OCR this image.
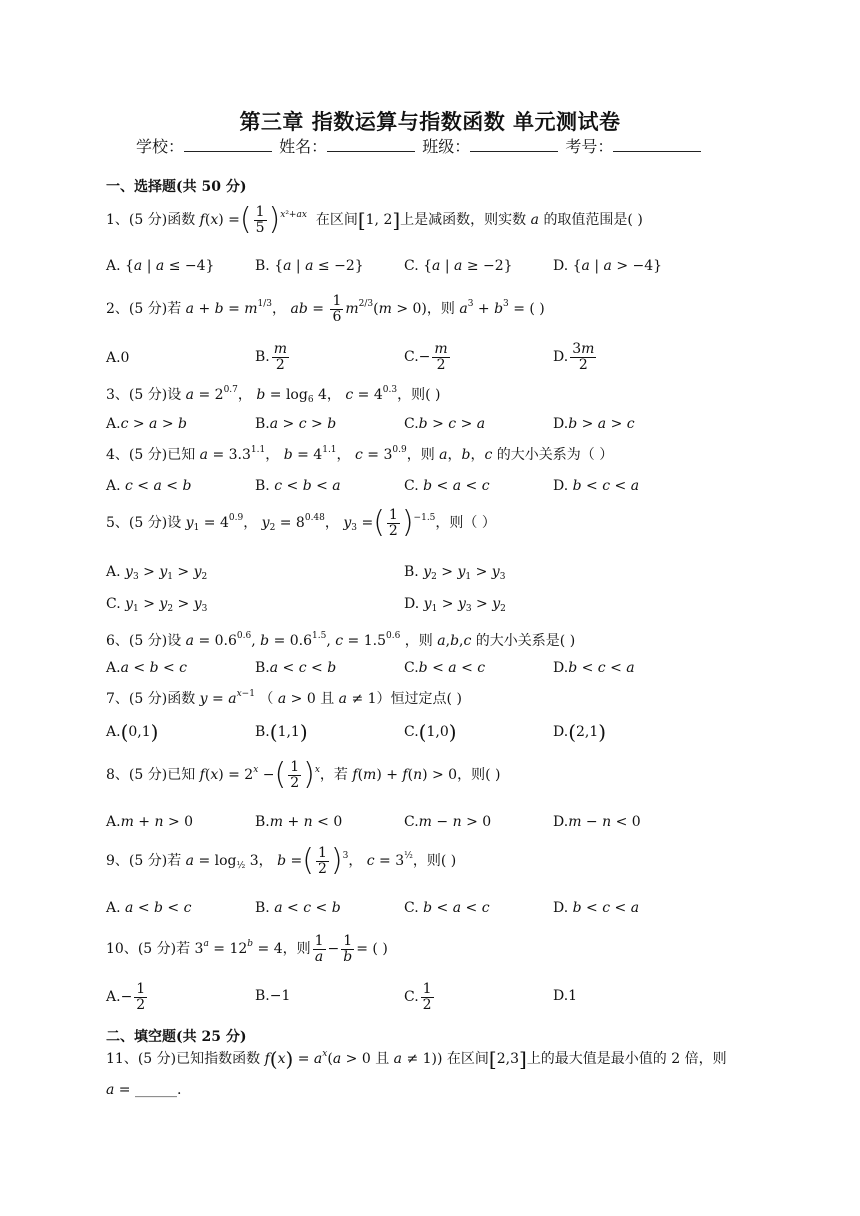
第三章 指数运算与指数函数 单元测试卷
学校：	姓名：	班级：	考号：
一、选择题(共 50 分)
1、(5 分)函数 f(x) =( $\frac{1}{5} )^{x^2+ax}$ 在区间[1, 2]上是减函数，则实数 a 的取值范围是( )
A. {a | a ≤ −4}	B. {a | a ≤ −2}	C. {a | a ≥ −2}	D. {a | a > −4}
2、(5 分)若 $a + b = m^{1/3}$， ab = $\frac{1}{6} m^{2/3}(m > 0)$，则 $a^3 + b^3$ = ( )
A.0	B. $\frac{m}{2}$	$C.- \frac{m}{2}$	D. $\frac{3m}{2}$
3、(5 分)设 $a = 2^{0.7}$， $b = \log_6 4$， $c = 4^{0.3}$，则( )
A.c > a > b	B.a > c > b	C.b > c > a	D.b > a > c
4、(5 分)已知 $a = 3.3^{1.1}$， $b = 4^{1.1}$， $c = 3^{0.9}$，则 a，b，c 的大小关系为（ ）
A. c < a < b	B. c < b < a	C. b < a < c	D. b < c < a
5、(5 分)设 $y_1 = 4^{0.9}$， $y_2 = 8^{0.48}$， $y_3$ =( $\frac{1}{2} )^{-1.5}$，则（ ）
A. $y_3 > y_1 > y_2$	B. $y_2 > y_1 > y_3$
C. $y_1 > y_2 > y_3$	D. $y_1 > y_3 > y_2$
6、(5 分)设 $a = 0.6^{0.6}$, $b = 0.6^{1.5}$, $c = 1.5^{0.6}$ ，则 a,b,c 的大小关系是( )
A.a < b < c	B.a < c < b	C.b < a < c	D.b < c < a
7、(5 分)函数 $y = a^{x-1}$ （ a > 0 且 a ≠ 1）恒过定点( )
A.(0,1)	B.(1,1)	C.(1,0)	D.(2,1)
8、(5 分)已知 $f(x) = 2^x$ −( $\frac{1}{2} )^x$，若 f(m) + f(n) > 0，则( )
A.m + n > 0	B.m + n < 0	C.m − n > 0	D.m − n < 0
9、(5 分)若 $a = \log_{\frac{1}{2}} 3$， b =( $\frac{1}{2} )^3$， $c = 3^{\frac{1}{2}}$，则( )
A. a < b < c	B. a < c < b	C. b < a < c	D. b < c < a
10、(5 分)若 $3^a = 12^b = 4$，则 $\frac{1}{a} - \frac{1}{b}$ = ( )
$A.- \frac{1}{2}$	B.−1	C. $\frac{1}{2}$	D.1
二、填空题(共 25 分)
11、(5 分)已知指数函数 $f(x) = a^x(a > 0$ 且 a ≠ 1)) 在区间[2,3]上的最大值是最小值的 2 倍，则
a = ______.
